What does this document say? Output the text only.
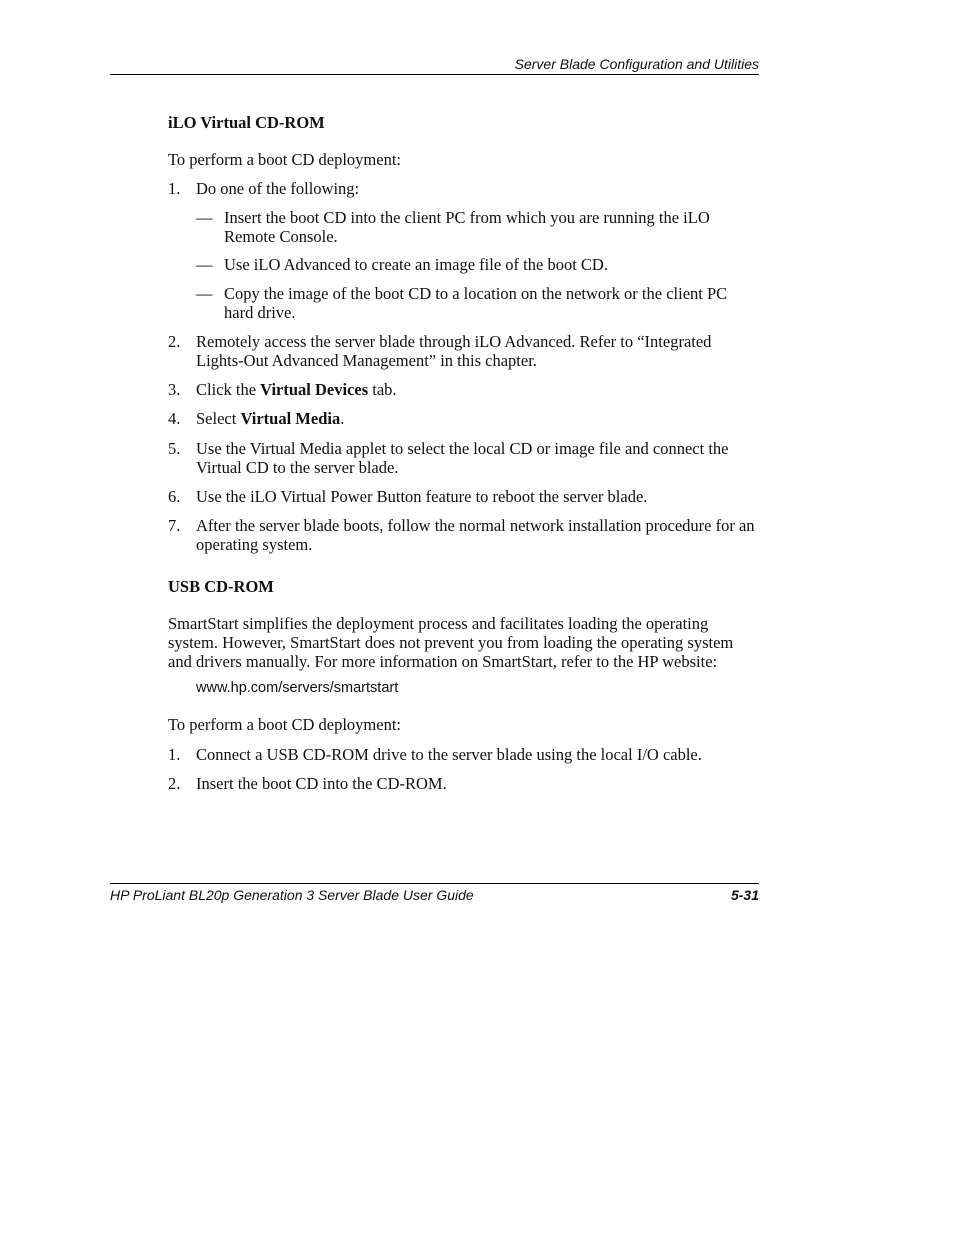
Server Blade Configuration and Utilities
iLO Virtual CD-ROM
To perform a boot CD deployment:
1. Do one of the following:
— Insert the boot CD into the client PC from which you are running the iLO Remote Console.
— Use iLO Advanced to create an image file of the boot CD.
— Copy the image of the boot CD to a location on the network or the client PC hard drive.
2. Remotely access the server blade through iLO Advanced. Refer to “Integrated Lights-Out Advanced Management” in this chapter.
3. Click the Virtual Devices tab.
4. Select Virtual Media.
5. Use the Virtual Media applet to select the local CD or image file and connect the Virtual CD to the server blade.
6. Use the iLO Virtual Power Button feature to reboot the server blade.
7. After the server blade boots, follow the normal network installation procedure for an operating system.
USB CD-ROM
SmartStart simplifies the deployment process and facilitates loading the operating system. However, SmartStart does not prevent you from loading the operating system and drivers manually. For more information on SmartStart, refer to the HP website:
www.hp.com/servers/smartstart
To perform a boot CD deployment:
1. Connect a USB CD-ROM drive to the server blade using the local I/O cable.
2. Insert the boot CD into the CD-ROM.
HP ProLiant BL20p Generation 3 Server Blade User Guide	5-31
